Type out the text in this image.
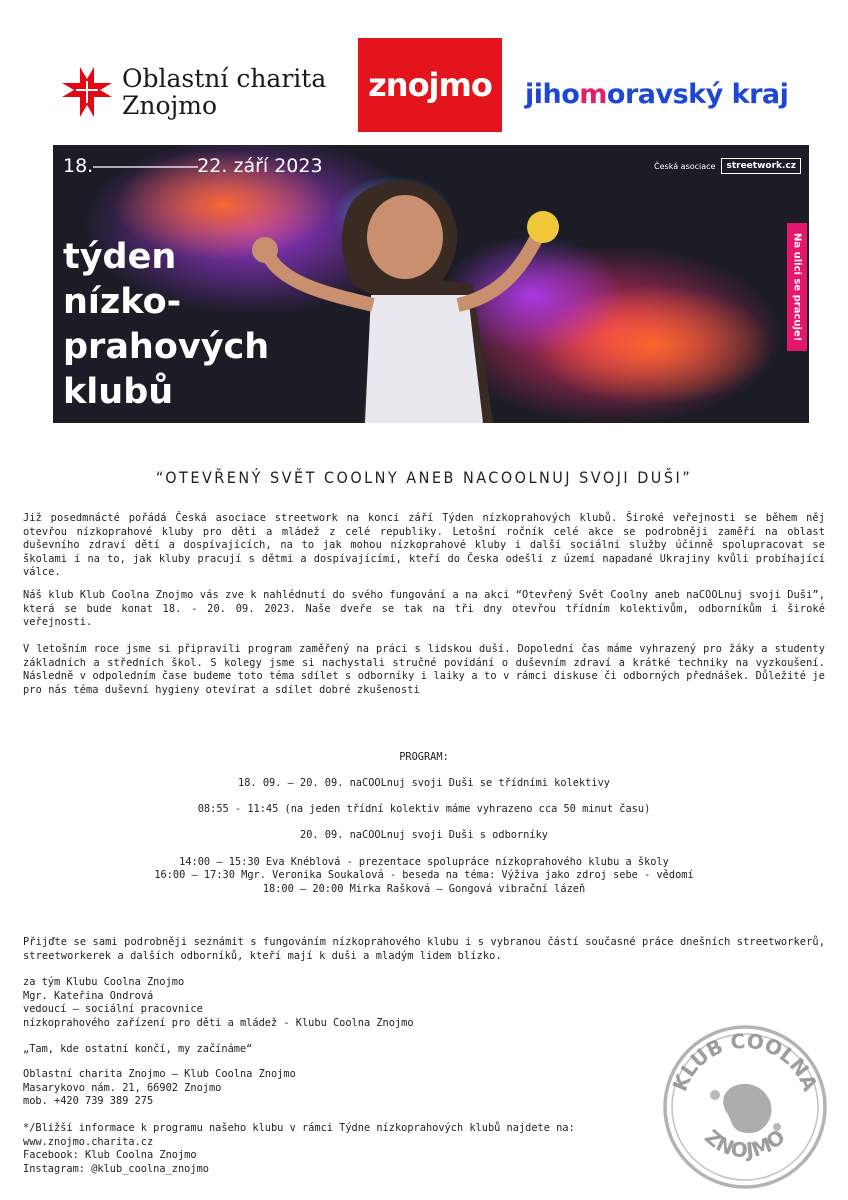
Oblastní charita
Znojmo
znojmo jihomoravský kraj
18.	22. září 2023	Česká asociace	streetwork.cz
týden
nízko-
prahových
klubů
Na ulici se pracuje!
“OTEVŘENÝ SVĚT COOLNY ANEB NACOOLNUJ SVOJI DUŠI”
Již posedmnácté pořádá Česká asociace streetwork na konci září Týden nízkoprahových klubů. Široké veřejnosti se během něj otevřou nízkoprahové kluby pro děti a mládež z celé republiky. Letošní ročník celé akce se podrobněji zaměří na oblast duševního zdraví dětí a dospívajících, na to jak mohou nízkoprahové kluby i další sociální služby účinně spolupracovat se školami i na to, jak kluby pracují s dětmi a dospívajícími, kteří do Česka odešli z území napadané Ukrajiny kvůli probíhající válce.
Náš klub Klub Coolna Znojmo vás zve k nahlédnutí do svého fungování a na akci “Otevřený Svět Coolny aneb naCOOLnuj svoji Duši”, která se bude konat 18. - 20. 09. 2023. Naše dveře se tak na tři dny otevřou třídním kolektivům, odborníkům i široké veřejnosti.
V letošním roce jsme si připravili program zaměřený na práci s lidskou duší. Dopolední čas máme vyhrazený pro žáky a studenty základních a středních škol. S kolegy jsme si nachystali stručné povídání o duševním zdraví a krátké techniky na vyzkoušení. Následně v odpoledním čase budeme toto téma sdílet s odborníky i laiky a to v rámci diskuse či odborných přednášek. Důležité je pro nás téma duševní hygieny otevírat a sdílet dobré zkušenosti
PROGRAM:
18. 09. – 20. 09. naCOOLnuj svoji Duši se třídními kolektivy
08:55 - 11:45 (na jeden třídní kolektiv máme vyhrazeno cca 50 minut času)
20. 09. naCOOLnuj svoji Duši s odborníky
14:00 – 15:30 Eva Knéblová - prezentace spolupráce nízkoprahového klubu a školy
16:00 – 17:30 Mgr. Veronika Soukalová - beseda na téma: Výživa jako zdroj sebe - vědomí
18:00 – 20:00 Mirka Rašková – Gongová vibrační lázeň
Přijďte se sami podrobněji seznámit s fungováním nízkoprahového klubu i s vybranou částí současné práce dnešních streetworkerů, streetworkerek a dalších odborníků, kteří mají k duši a mladým lidem blízko.
za tým Klubu Coolna Znojmo
Mgr. Kateřina Ondrová
vedoucí – sociální pracovnice
nízkoprahového zařízení pro děti a mládež - Klubu Coolna Znojmo
„Tam, kde ostatní končí, my začínáme“
Oblastní charita Znojmo – Klub Coolna Znojmo
Masarykovo nám. 21, 66902 Znojmo
mob. +420 739 389 275
*/Bližší informace k programu našeho klubu v rámci Týdne nízkoprahových klubů najdete na:
www.znojmo.charita.cz
Facebook: Klub Coolna Znojmo
Instagram: @klub_coolna_znojmo
KLUB COOLNA
ZNOJMO
